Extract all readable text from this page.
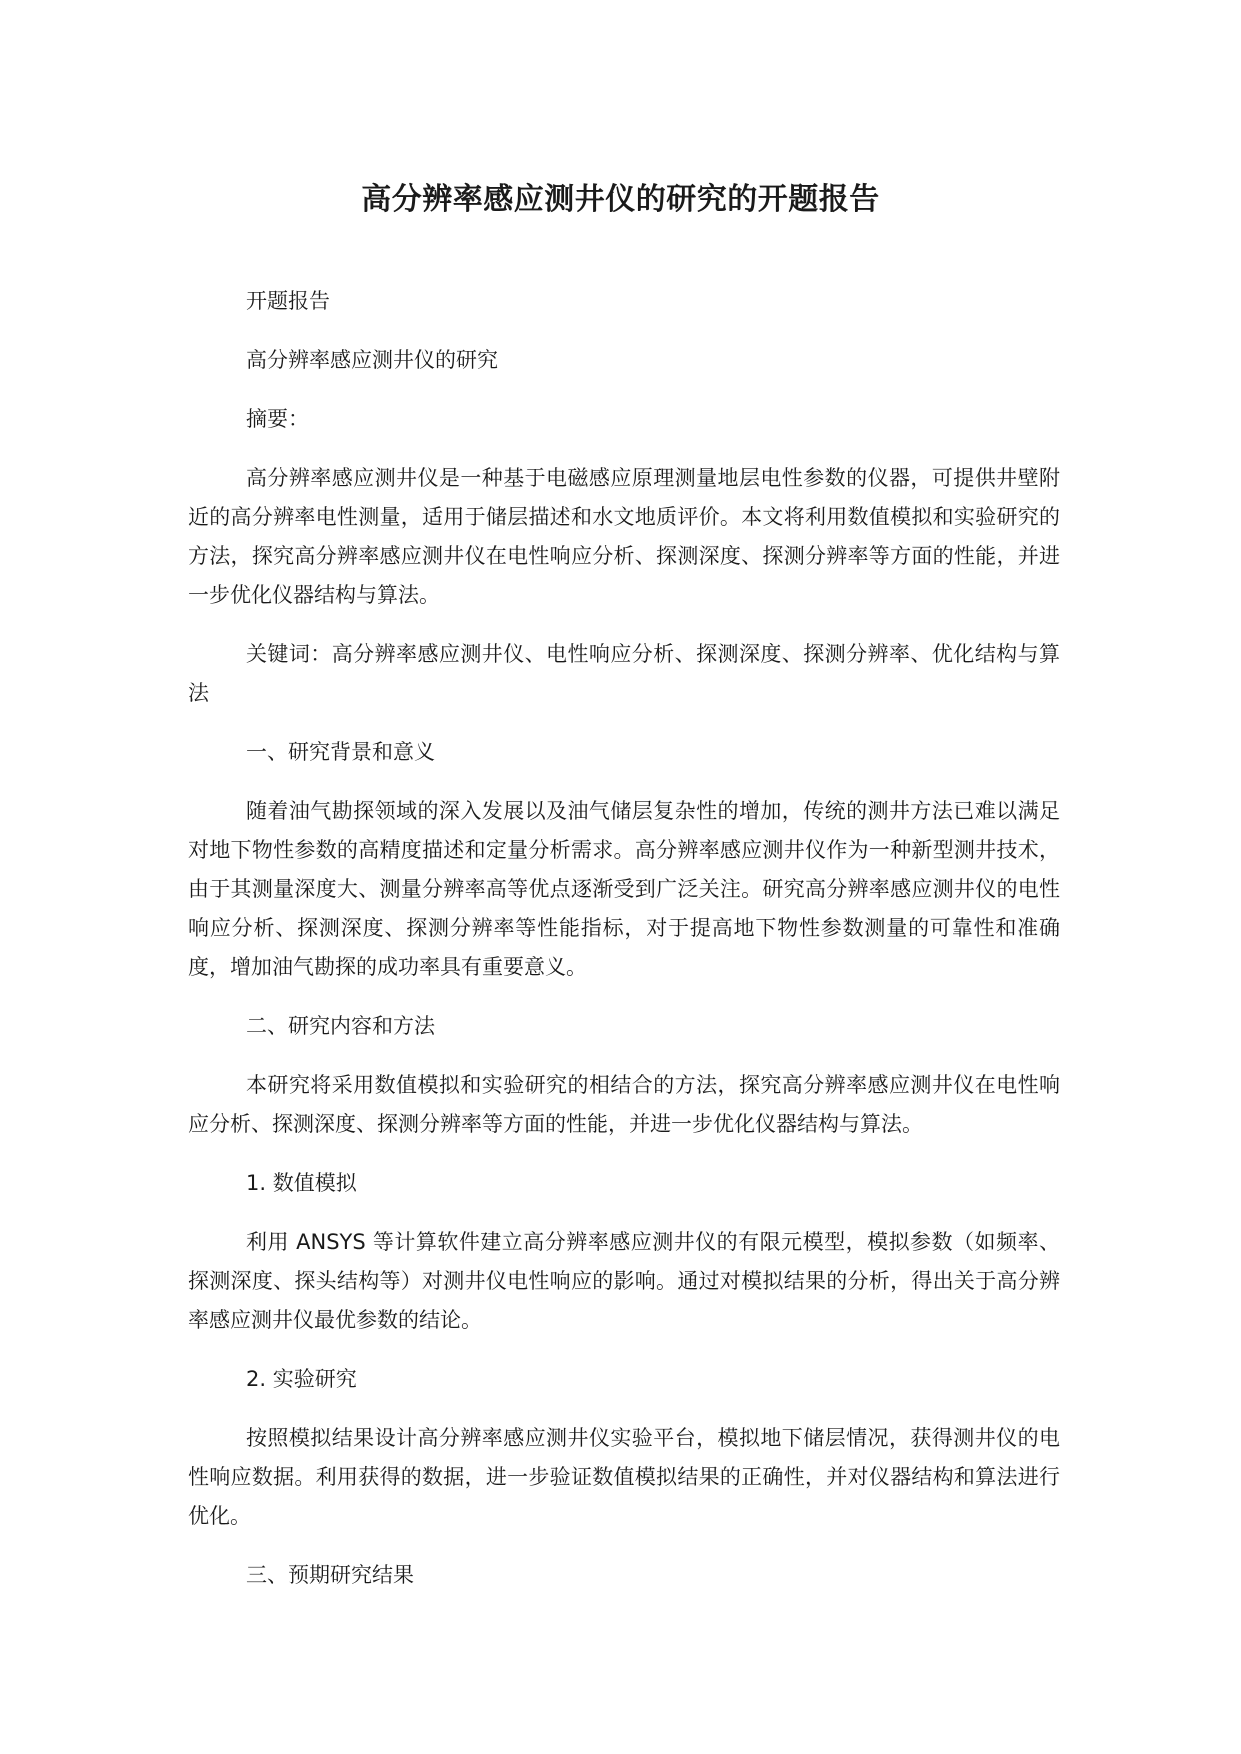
高分辨率感应测井仪的研究的开题报告

开题报告

高分辨率感应测井仪的研究

摘要：

高分辨率感应测井仪是一种基于电磁感应原理测量地层电性参数的仪器，可提供井壁附近的高分辨率电性测量，适用于储层描述和水文地质评价。本文将利用数值模拟和实验研究的方法，探究高分辨率感应测井仪在电性响应分析、探测深度、探测分辨率等方面的性能，并进一步优化仪器结构与算法。

关键词：高分辨率感应测井仪、电性响应分析、探测深度、探测分辨率、优化结构与算法

一、研究背景和意义

随着油气勘探领域的深入发展以及油气储层复杂性的增加，传统的测井方法已难以满足对地下物性参数的高精度描述和定量分析需求。高分辨率感应测井仪作为一种新型测井技术，由于其测量深度大、测量分辨率高等优点逐渐受到广泛关注。研究高分辨率感应测井仪的电性响应分析、探测深度、探测分辨率等性能指标，对于提高地下物性参数测量的可靠性和准确度，增加油气勘探的成功率具有重要意义。

二、研究内容和方法

本研究将采用数值模拟和实验研究的相结合的方法，探究高分辨率感应测井仪在电性响应分析、探测深度、探测分辨率等方面的性能，并进一步优化仪器结构与算法。

1. 数值模拟

利用 ANSYS 等计算软件建立高分辨率感应测井仪的有限元模型，模拟参数（如频率、探测深度、探头结构等）对测井仪电性响应的影响。通过对模拟结果的分析，得出关于高分辨率感应测井仪最优参数的结论。

2. 实验研究

按照模拟结果设计高分辨率感应测井仪实验平台，模拟地下储层情况，获得测井仪的电性响应数据。利用获得的数据，进一步验证数值模拟结果的正确性，并对仪器结构和算法进行优化。

三、预期研究结果
